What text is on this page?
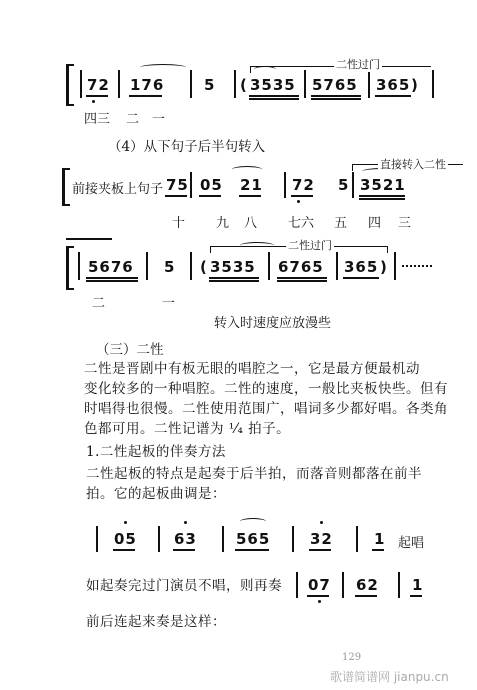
72 176	5 ( 3535 5765 365 )
二性过门
四三 二 一
（4）从下句子后半句转入
前接夹板上句子 75 05 21 72 5 3521
直接转入二性
十 九 八 七六 五 四 三
5676 5 ( 3535 6765 365 )
二性过门
二	一
转入时速度应放漫些
（三）二性
二性是晋剧中有板无眼的唱腔之一，它是最方便最机动
变化较多的一种唱腔。二性的速度，一般比夹板快些。但有
时唱得也很慢。二性使用范围广，唱词多少都好唱。各类角
色都可用。二性记谱为 ¹⁄₄ 拍子。
1.二性起板的伴奏方法
二性起板的特点是起奏于后半拍，而落音则都落在前半
拍。它的起板曲调是：
05 63	565	32	1 起唱
如起奏完过门演员不唱，则再奏 07 62 1
前后连起来奏是这样：
129
歌谱简谱网 jianpu.cn
